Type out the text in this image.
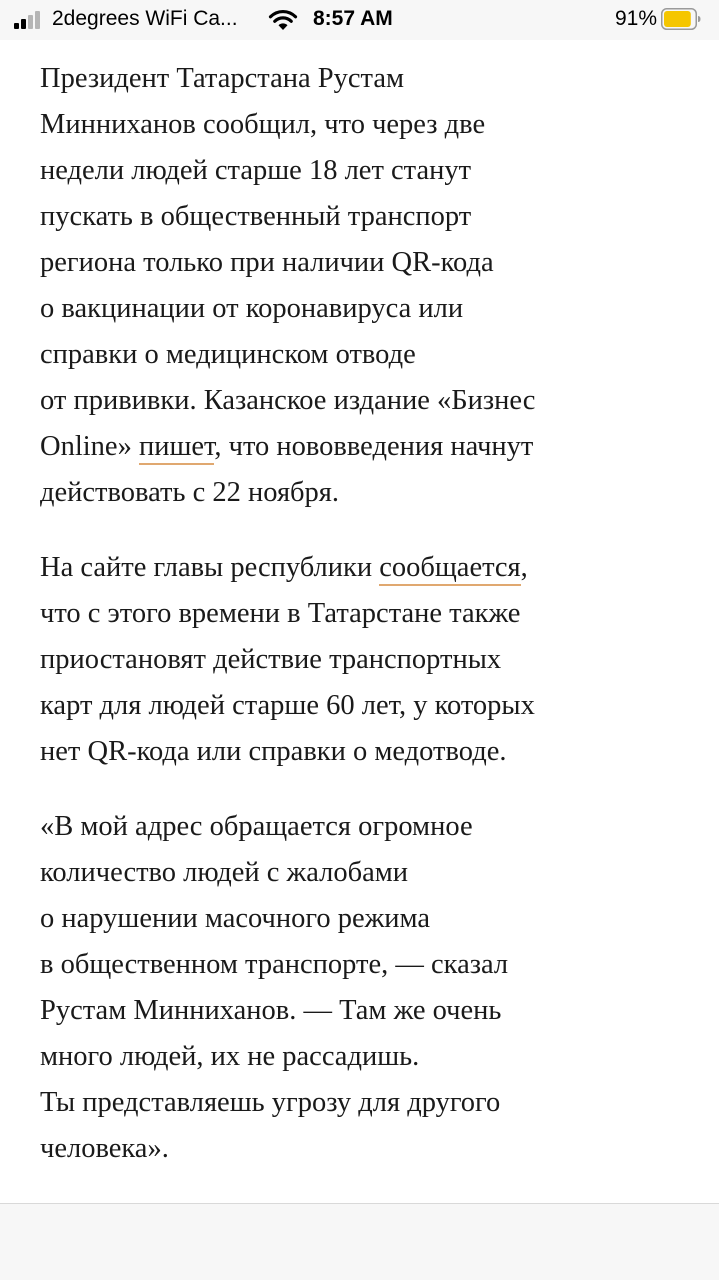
2degrees WiFi Ca...	8:57 AM	91%

Президент Татарстана Рустам
Минниханов сообщил, что через две
недели людей старше 18 лет станут
пускать в общественный транспорт
региона только при наличии QR-кода
о вакцинации от коронавируса или
справки о медицинском отводе
от прививки. Казанское издание «Бизнес
Online» пишет, что нововведения начнут
действовать с 22 ноября.

На сайте главы республики сообщается,
что с этого времени в Татарстане также
приостановят действие транспортных
карт для людей старше 60 лет, у которых
нет QR-кода или справки о медотводе.

«В мой адрес обращается огромное
количество людей с жалобами
о нарушении масочного режима
в общественном транспорте, — сказал
Рустам Минниханов. — Там же очень
много людей, их не рассадишь.
Ты представляешь угрозу для другого
человека».
